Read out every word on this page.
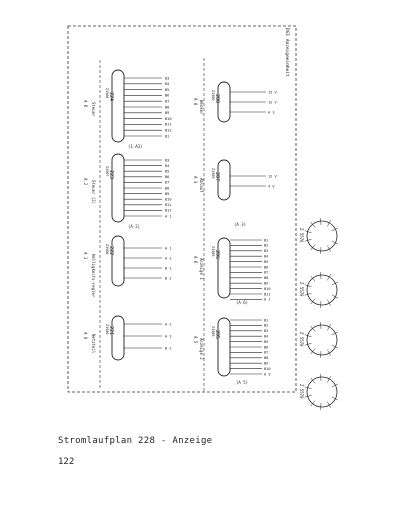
DG1 Anzeigeeinheit
224
Z1906
Steuer
A 6
(1-A3)
B3
B4
B5
B6
B7
B8
B9
B10
B11
B12
B1
208
Z1909
Wecker
A 8
15 V
12 V
A 3
223
Z3907
Steuer (2)
A 2
(A-2)
B3
B4
B5
B6
B7
B8
B9
B10
B11
B12
A 1
207
Z1909
Ablauf
A 3
(A 3)
12 V
4 V
222
Z3906
Helligkeits-regler
A 1
A 1
A 2
B 1
B 2
206
Z1909
Anzeige 1
A 6
(A 6)
B1
B2
B3
B4
B5
B6
B7
B8
B9
B10
B11
A 1
221
Z1906
Netzteil
A 0
A 2
A 3
B 2
205
Z1909
Anzeige 2
A 5
(A 5)
B1
B2
B3
B4
B5
B6
B7
B8
B9
B10
A 3
Z 5570
Z 5570
Z 5570
Z 5570
Stromlaufplan 228 - Anzeige
122
